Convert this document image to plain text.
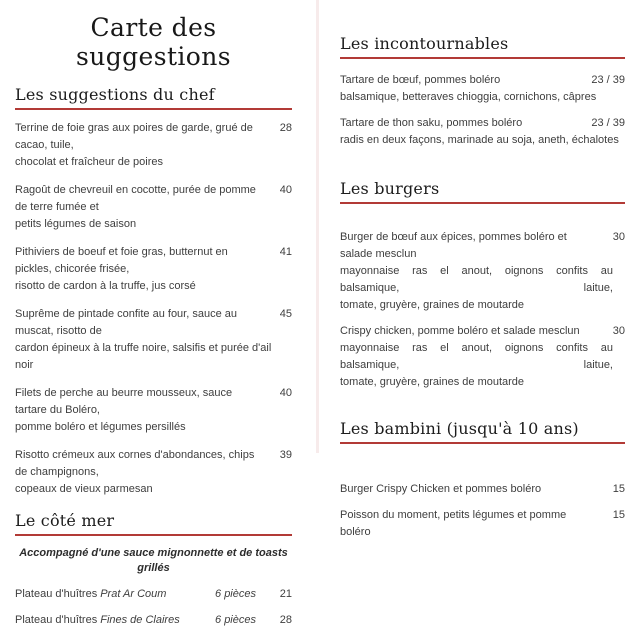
Carte des suggestions
Les suggestions du chef
Terrine de foie gras aux poires de garde, grué de cacao, tuile,
chocolat et fraîcheur de poires
28
Ragoût de chevreuil en cocotte, purée de pomme de terre fumée et
petits légumes de saison
40
Pithiviers de boeuf et foie gras, butternut en pickles, chicorée frisée,
risotto de cardon à la truffe, jus corsé
41
Suprême de pintade confite au four, sauce au muscat, risotto de
cardon épineux à la truffe noire, salsifis et purée d'ail noir
45
Filets de perche au beurre mousseux, sauce tartare du Boléro,
pomme boléro et légumes persillés
40
Risotto crémeux aux cornes d'abondances, chips de champignons,
copeaux de vieux parmesan
39
Le côté mer
Accompagné d'une sauce mignonnette et de toasts grillés
Plateau d'huîtres Prat Ar Coum	6 pièces	21
Plateau d'huîtres Fines de Claires	6 pièces	28
Les incontournables
Tartare de bœuf, pommes boléro
balsamique, betteraves chioggia, cornichons, câpres
23 / 39
Tartare de thon saku, pommes boléro
radis en deux façons, marinade au soja, aneth, échalotes
23 / 39
Les burgers
Burger de bœuf aux épices, pommes boléro et salade mesclun
mayonnaise ras el anout, oignons confits au balsamique, laitue,
tomate, gruyère, graines de moutarde
30
Crispy chicken, pomme boléro et salade mesclun
mayonnaise ras el anout, oignons confits au balsamique, laitue,
tomate, gruyère, graines de moutarde
30
Les bambini (jusqu'à 10 ans)
Burger Crispy Chicken et pommes boléro	15
Poisson du moment, petits légumes et pomme boléro
15
